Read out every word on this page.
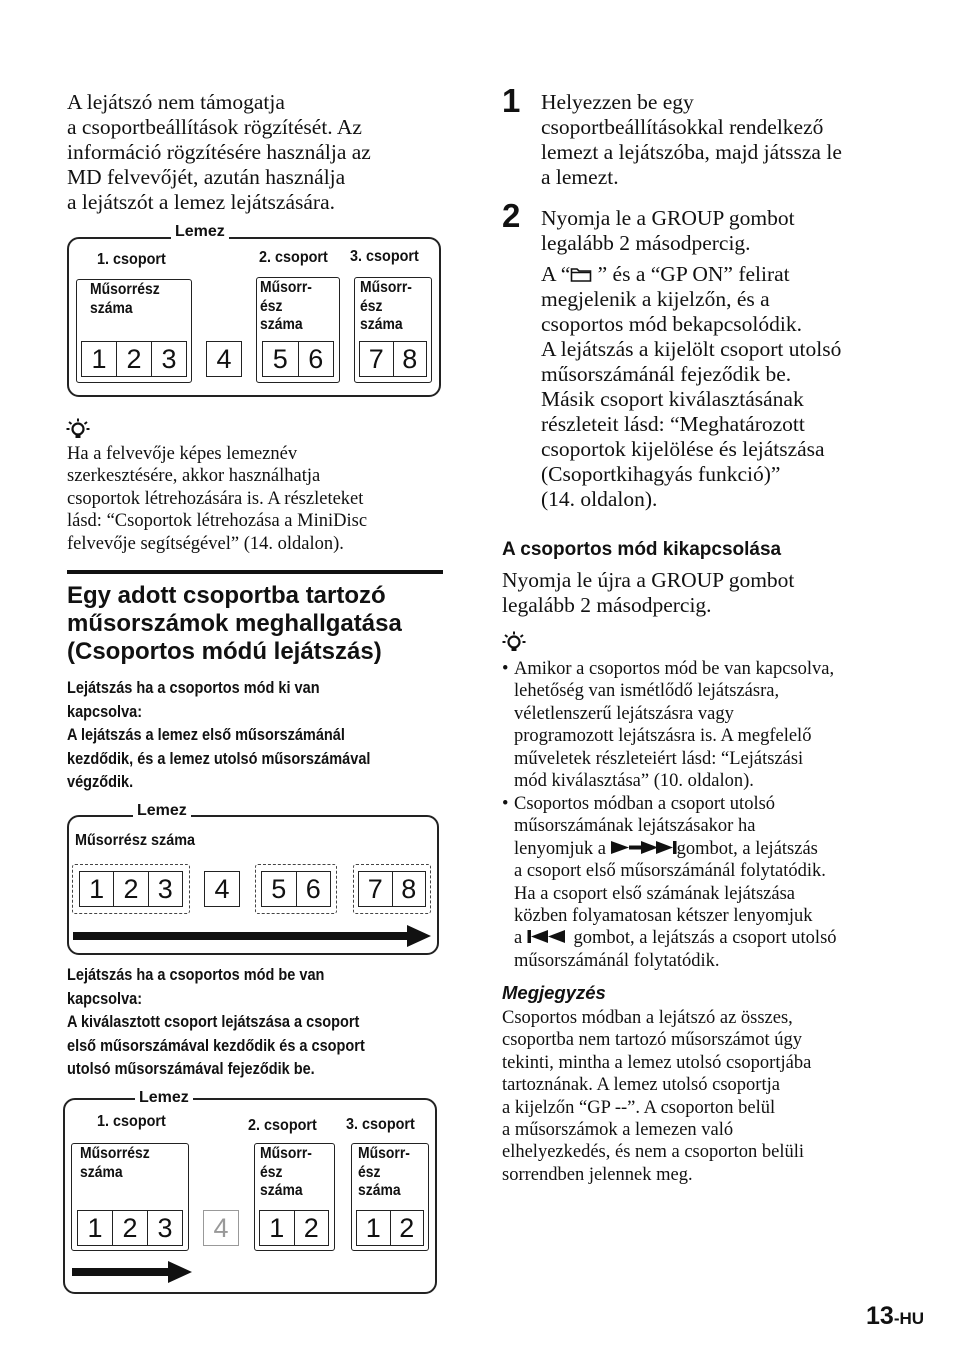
A lejátszó nem támogatja
a csoportbeállítások rögzítését. Az
információ rögzítésére használja az
MD felvevőjét, azután használja
a lejátszót a lemez lejátszására.
Lemez
1. csoport	2. csoport 3. csoport
Műsorrész
száma
1 2 3	4
Műsorr-
ész
száma
5 6
Műsorr-
ész
száma
7 8
Ha a felvevője képes lemeznév
szerkesztésére, akkor használhatja
csoportok létrehozására is. A részleteket
lásd: “Csoportok létrehozása a MiniDisc
felvevője segítségével” (14. oldalon).
Egy adott csoportba tartozó
műsorszámok meghallgatása
(Csoportos módú lejátszás)
Lejátszás ha a csoportos mód ki van
kapcsolva:
A lejátszás a lemez első műsorszámánál
kezdődik, és a lemez utolsó műsorszámával
végződik.
Lemez
Műsorrész száma
1 2 3	4	5 6	7 8
Lejátszás ha a csoportos mód be van
kapcsolva:
A kiválasztott csoport lejátszása a csoport
első műsorszámával kezdődik és a csoport
utolsó műsorszámával fejeződik be.
Lemez
1. csoport	2. csoport 3. csoport
Műsorrész
száma
1 2 3	4
Műsorr-
ész
száma
1 2
Műsorr-
ész
száma
1 2
1 Helyezzen be egy
csoportbeállításokkal rendelkező
lemezt a lejátszóba, majd játssza le
a lemezt.
2 Nyomja le a GROUP gombot
legalább 2 másodpercig.
A “ ” és a “GP ON” felirat
megjelenik a kijelzőn, és a
csoportos mód bekapcsolódik.
A lejátszás a kijelölt csoport utolsó
műsorszámánál fejeződik be.
Másik csoport kiválasztásának
részleteit lásd: “Meghatározott
csoportok kijelölése és lejátszása
(Csoportkihagyás funkció)”
(14. oldalon).
A csoportos mód kikapcsolása
Nyomja le újra a GROUP gombot
legalább 2 másodpercig.
• Amikor a csoportos mód be van kapcsolva,
lehetőség van ismétlődő lejátszásra,
véletlenszerű lejátszásra vagy
programozott lejátszásra is. A megfelelő
műveletek részleteiért lásd: “Lejátszási
mód kiválasztása” (10. oldalon).
• Csoportos módban a csoport utolsó
műsorszámának lejátszásakor ha
lenyomjuk a	gombot, a lejátszás
a csoport első műsorszámánál folytatódik.
Ha a csoport első számának lejátszása
közben folyamatosan kétszer lenyomjuk
a  gombot, a lejátszás a csoport utolsó
műsorszámánál folytatódik.
Megjegyzés
Csoportos módban a lejátszó az összes,
csoportba nem tartozó műsorszámot úgy
tekinti, mintha a lemez utolsó csoportjába
tartoznának. A lemez utolsó csoportja
a kijelzőn “GP --”. A csoporton belül
a műsorszámok a lemezen való
elhelyezkedés, és nem a csoporton belüli
sorrendben jelennek meg.
13-HU
